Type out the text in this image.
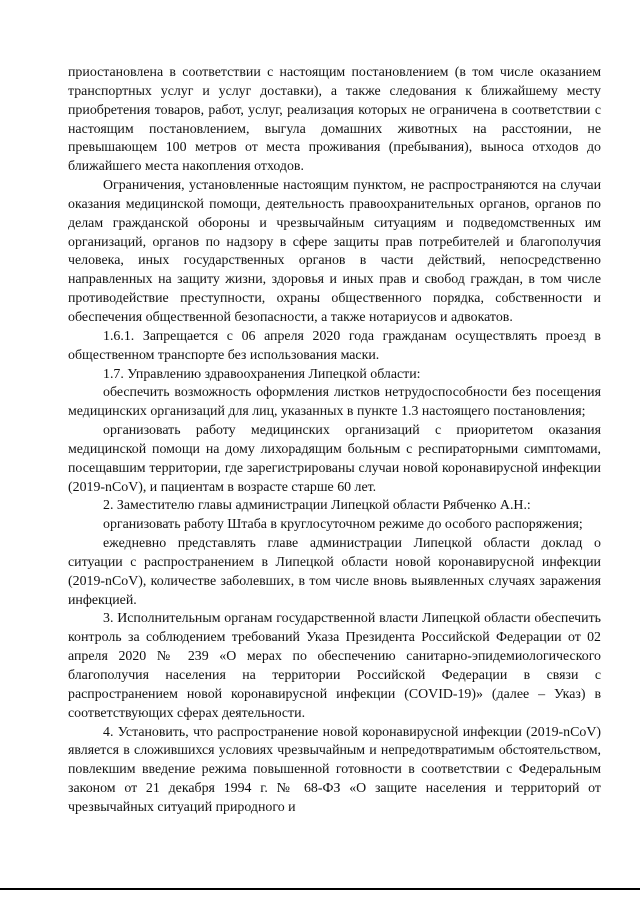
приостановлена в соответствии с настоящим постановлением (в том числе оказанием транспортных услуг и услуг доставки), а также следования к ближайшему месту приобретения товаров, работ, услуг, реализация которых не ограничена в соответствии с настоящим постановлением, выгула домашних животных на расстоянии, не превышающем 100 метров от места проживания (пребывания), выноса отходов до ближайшего места накопления отходов.

Ограничения, установленные настоящим пунктом, не распространяются на случаи оказания медицинской помощи, деятельность правоохранительных органов, органов по делам гражданской обороны и чрезвычайным ситуациям и подведомственных им организаций, органов по надзору в сфере защиты прав потребителей и благополучия человека, иных государственных органов в части действий, непосредственно направленных на защиту жизни, здоровья и иных прав и свобод граждан, в том числе противодействие преступности, охраны общественного порядка, собственности и обеспечения общественной безопасности, а также нотариусов и адвокатов.

1.6.1. Запрещается с 06 апреля 2020 года гражданам осуществлять проезд в общественном транспорте без использования маски.

1.7. Управлению здравоохранения Липецкой области:

обеспечить возможность оформления листков нетрудоспособности без посещения медицинских организаций для лиц, указанных в пункте 1.3 настоящего постановления;

организовать работу медицинских организаций с приоритетом оказания медицинской помощи на дому лихорадящим больным с респираторными симптомами, посещавшим территории, где зарегистрированы случаи новой коронавирусной инфекции (2019-nCoV), и пациентам в возрасте старше 60 лет.

2. Заместителю главы администрации Липецкой области Рябченко А.Н.:

организовать работу Штаба в круглосуточном режиме до особого распоряжения;

ежедневно представлять главе администрации Липецкой области доклад о ситуации с распространением в Липецкой области новой коронавирусной инфекции (2019-nCoV), количестве заболевших, в том числе вновь выявленных случаях заражения инфекцией.

3. Исполнительным органам государственной власти Липецкой области обеспечить контроль за соблюдением требований Указа Президента Российской Федерации от 02 апреля 2020 № 239 «О мерах по обеспечению санитарно-эпидемиологического благополучия населения на территории Российской Федерации в связи с распространением новой коронавирусной инфекции (COVID-19)» (далее – Указ) в соответствующих сферах деятельности.

4. Установить, что распространение новой коронавирусной инфекции (2019-nCoV) является в сложившихся условиях чрезвычайным и непредотвратимым обстоятельством, повлекшим введение режима повышенной готовности в соответствии с Федеральным законом от 21 декабря 1994 г. № 68-ФЗ «О защите населения и территорий от чрезвычайных ситуаций природного и
